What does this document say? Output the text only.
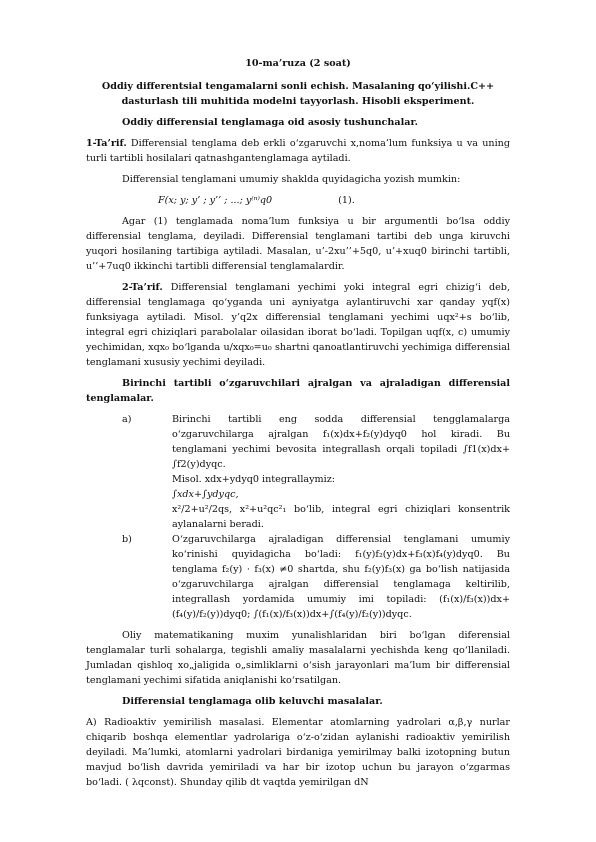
10-ma’ruza (2 soat)

Oddiy differentsial tengamalarni sonli echish. Masalaning qo‘yilishi.C++ dasturlash tili muhitida modelni tayyorlash. Hisobli eksperiment.

Oddiy differensial tenglamaga oid asosiy tushunchalar.

1-Ta’rif. Differensial tenglama deb erkli o‘zgaruvchi x,noma’lum funksiya u va uning turli tartibli hosilalari qatnashgantenglamaga aytiladi.

Differensial tenglamani umumiy shaklda quyidagicha yozish mumkin:

F(x; y; y’ ; y’’ ; ...; y⁽ⁿ⁾q0	(1).

Agar (1) tenglamada noma’lum funksiya u bir argumentli bo‘lsa oddiy differensial tenglama, deyiladi. Differensial tenglamani tartibi deb unga kiruvchi yuqori hosilaning tartibiga aytiladi. Masalan, u’-2xu’’+5q0, u’+xuq0 birinchi tartibli, u’’+7uq0 ikkinchi tartibli differensial tenglamalardir.

2-Ta’rif. Differensial tenglamani yechimi yoki integral egri chizig‘i deb, differensial tenglamaga qo‘yganda uni ayniyatga aylantiruvchi xar qanday yqf(x) funksiyaga aytiladi. Misol. y’q2x differensial tenglamani yechimi uqx²+s bo‘lib, integral egri chiziqlari parabolalar oilasidan iborat bo‘ladi. Topilgan uqf(x, c) umumiy yechimidan, xqx₀ bo‘lganda u/xqx₀=u₀ shartni qanoatlantiruvchi yechimiga differensial tenglamani xususiy yechimi deyiladi.

Birinchi tartibli o‘zgaruvchilari ajralgan va ajraladigan differensial tenglamalar.

a)	Birinchi tartibli eng sodda differensial tengglamalarga o‘zgaruvchilarga ajralgan f₁(x)dx+f₂(y)dyq0 hol kiradi. Bu tenglamani yechimi bevosita integrallash orqali topiladi ∫f1(x)dx+ ∫f2(y)dyqc.

Misol. xdx+ydyq0 integrallaymiz:

∫xdx+∫ydyqc,

x²/2+u²/2qs, x²+u²qc²₁ bo‘lib, integral egri chiziqlari konsentrik aylanalarni beradi.

b)	O‘zgaruvchilarga ajraladigan differensial tenglamani umumiy ko‘rinishi quyidagicha bo‘ladi: f₁(y)f₂(y)dx+f₃(x)f₄(y)dyq0. Bu tenglama f₂(y) · f₃(x) ≠0 shartda, shu f₂(y)f₃(x) ga bo‘lish natijasida o‘zgaruvchilarga ajralgan differensial tenglamaga keltirilib, integrallash yordamida umumiy imi topiladi: (f₁(x)/f₃(x))dx+(f₄(y)/f₂(y))dyq0; ∫(f₁(x)/f₃(x))dx+∫(f₄(y)/f₂(y))dyqc.

Oliy matematikaning muxim yunalishlaridan biri bo‘lgan diferensial tenglamalar turli sohalarga, tegishli amaliy masalalarni yechishda keng qo‘llaniladi. Jumladan qishloq xo„jaligida o„simliklarni o‘sish jarayonlari ma’lum bir differensial tenglamani yechimi sifatida aniqlanishi ko‘rsatilgan.

Differensial tenglamaga olib keluvchi masalalar.

A) Radioaktiv yemirilish masalasi. Elementar atomlarning yadrolari α,β,γ nurlar chiqarib boshqa elementlar yadrolariga o‘z-o‘zidan aylanishi radioaktiv yemirilish deyiladi. Ma’lumki, atomlarni yadrolari birdaniga yemirilmay balki izotopning butun mavjud bo‘lish davrida yemiriladi va har bir izotop uchun bu jarayon o‘zgarmas bo‘ladi. ( λqconst). Shunday qilib dt vaqtda yemirilgan dN
